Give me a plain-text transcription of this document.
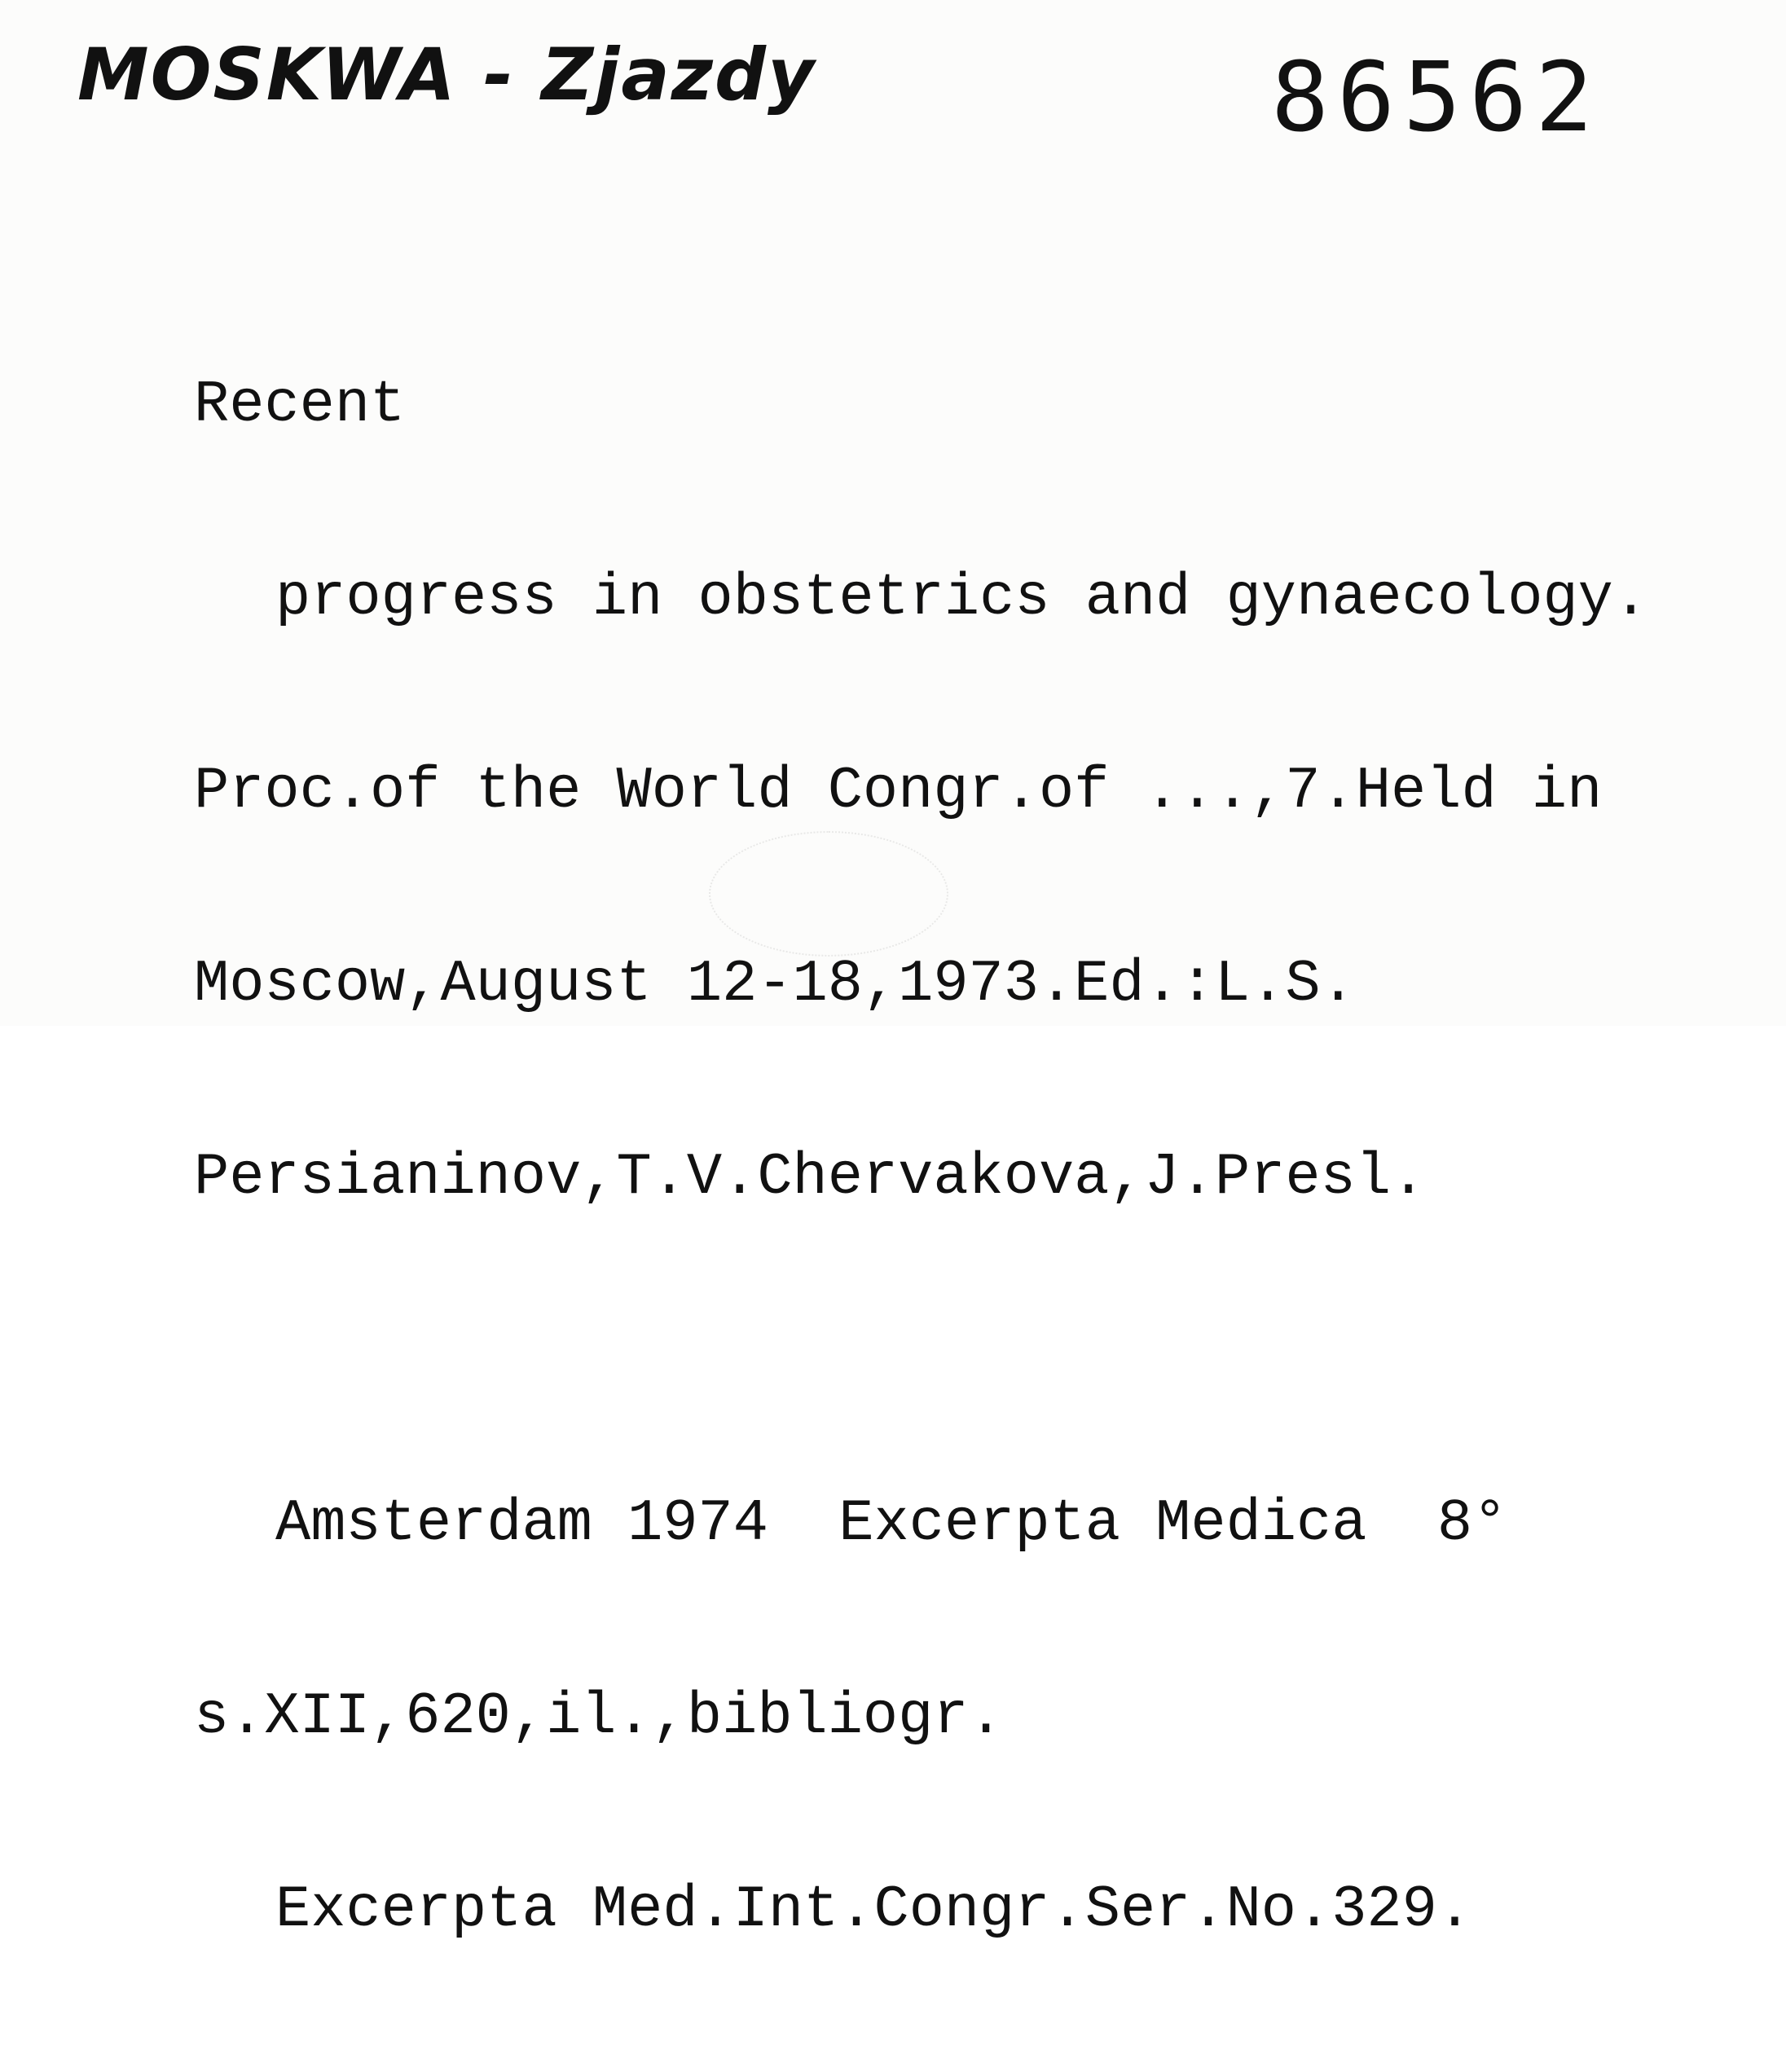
MOSKWA - Zjazdy	86562

Recent

progress in obstetrics and gynaecology.

Proc.of the World Congr.of ...,7.Held in

Moscow,August 12-18,1973.Ed.:L.S.

Persianinov,T.V.Chervakova,J.Presl.

Amsterdam 1974  Excerpta Medica  8°

s.XII,620,il.,bibliogr.

Excerpta Med.Int.Congr.Ser.No.329.
